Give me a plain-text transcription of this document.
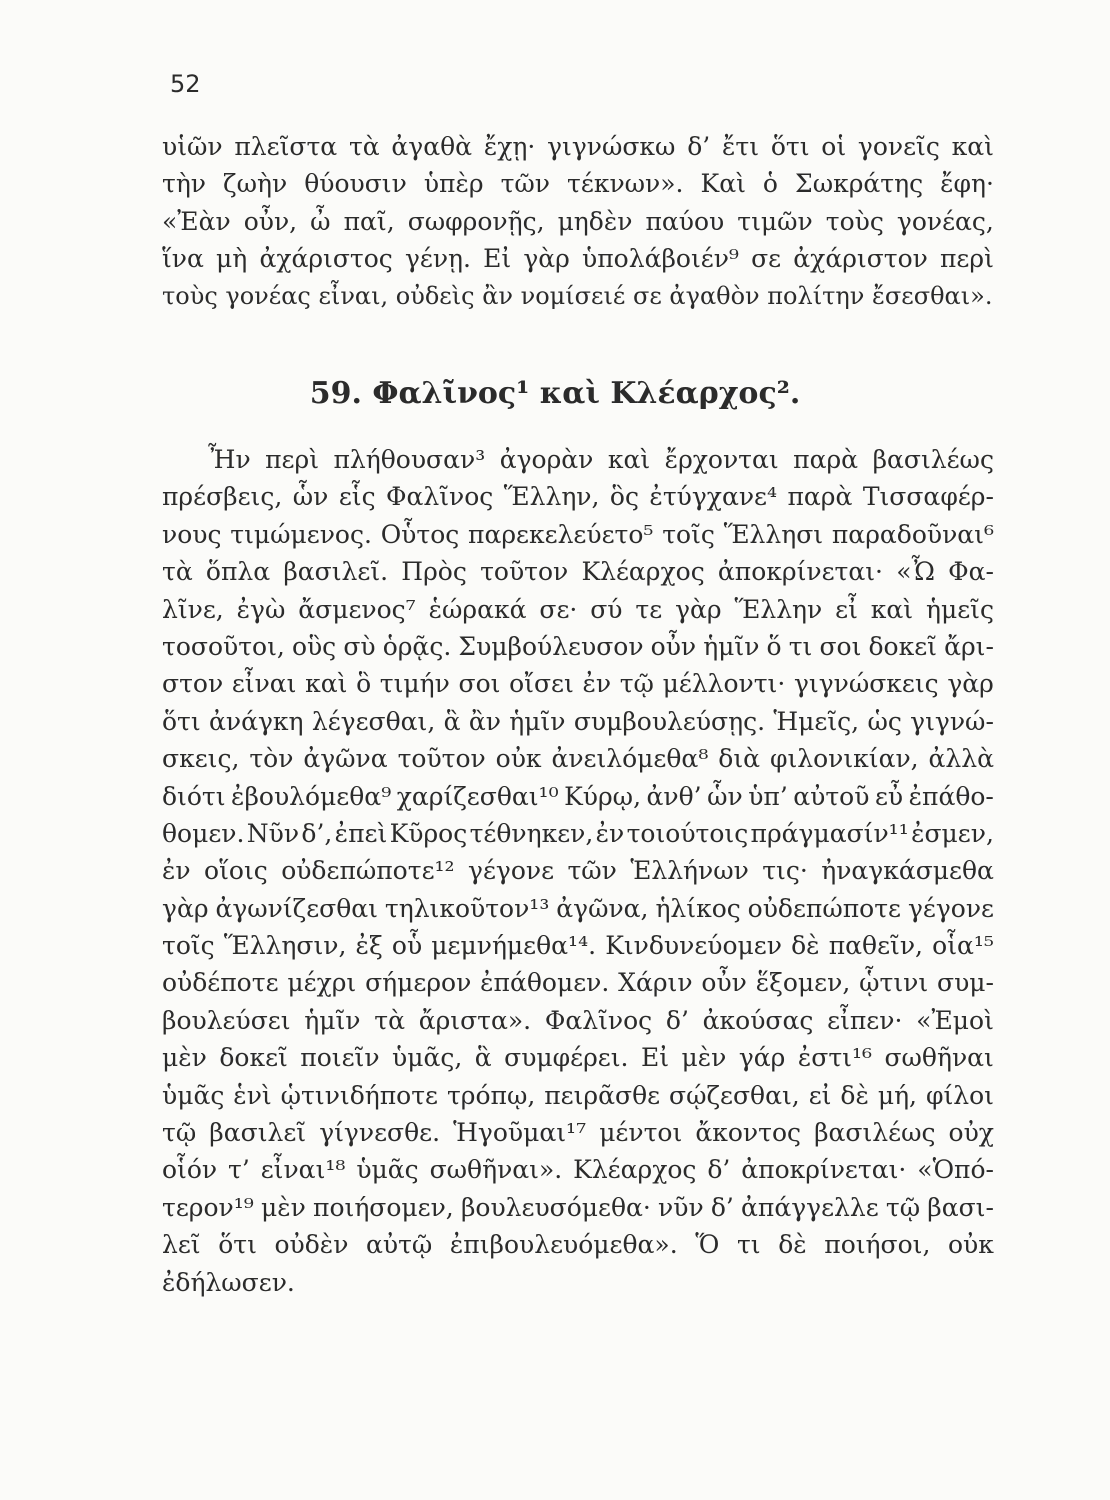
52
υἱῶν πλεῖστα τὰ ἀγαθὰ ἔχῃ· γιγνώσκω δ’ ἔτι ὅτι οἱ γονεῖς καὶ
τὴν ζωὴν θύουσιν ὑπὲρ τῶν τέκνων». Καὶ ὁ Σωκράτης ἔφη·
«Ἐὰν οὖν, ὦ παῖ, σωφρονῇς, μηδὲν παύου τιμῶν τοὺς γονέας,
ἵνα μὴ ἀχάριστος γένῃ. Εἰ γὰρ ὑπολάβοιέν⁹ σε ἀχάριστον περὶ
τοὺς γονέας εἶναι, οὐδεὶς ἂν νομίσειέ σε ἀγαθὸν πολίτην ἔσεσθαι».
59. Φαλῖνος¹ καὶ Κλέαρχος².
Ἦν περὶ πλήθουσαν³ ἀγορὰν καὶ ἔρχονται παρὰ βασιλέως
πρέσβεις, ὧν εἷς Φαλῖνος Ἕλλην, ὃς ἐτύγχανε⁴ παρὰ Τισσαφέρ-
νους τιμώμενος. Οὗτος παρεκελεύετο⁵ τοῖς Ἕλλησι παραδοῦναι⁶
τὰ ὅπλα βασιλεῖ. Πρὸς τοῦτον Κλέαρχος ἀποκρίνεται· «Ὦ Φα-
λῖνε, ἐγὼ ἄσμενος⁷ ἑώρακά σε· σύ τε γὰρ Ἕλλην εἶ καὶ ἡμεῖς
τοσοῦτοι, οὓς σὺ ὁρᾷς. Συμβούλευσον οὖν ἡμῖν ὅ τι σοι δοκεῖ ἄρι-
στον εἶναι καὶ ὃ τιμήν σοι οἴσει ἐν τῷ μέλλοντι· γιγνώσκεις γὰρ
ὅτι ἀνάγκη λέγεσθαι, ἃ ἂν ἡμῖν συμβουλεύσῃς. Ἡμεῖς, ὡς γιγνώ-
σκεις, τὸν ἀγῶνα τοῦτον οὐκ ἀνειλόμεθα⁸ διὰ φιλονικίαν, ἀλλὰ
διότι ἐβουλόμεθα⁹ χαρίζεσθαι¹⁰ Κύρῳ, ἀνθ’ ὧν ὑπ’ αὐτοῦ εὖ ἐπάθο-
θομεν. Νῦν δ’, ἐπεὶ Κῦρος τέθνηκεν, ἐν τοιούτοις πράγμασίν¹¹ ἐσμεν,
ἐν οἵοις οὐδεπώποτε¹² γέγονε τῶν Ἑλλήνων τις· ἠναγκάσμεθα
γὰρ ἀγωνίζεσθαι τηλικοῦτον¹³ ἀγῶνα, ἡλίκος οὐδεπώποτε γέγονε
τοῖς Ἕλλησιν, ἐξ οὗ μεμνήμεθα¹⁴. Κινδυνεύομεν δὲ παθεῖν, οἷα¹⁵
οὐδέποτε μέχρι σήμερον ἐπάθομεν. Χάριν οὖν ἕξομεν, ᾧτινι συμ-
βουλεύσει ἡμῖν τὰ ἄριστα». Φαλῖνος δ’ ἀκούσας εἶπεν· «Ἐμοὶ
μὲν δοκεῖ ποιεῖν ὑμᾶς, ἃ συμφέρει. Εἰ μὲν γάρ ἐστι¹⁶ σωθῆναι
ὑμᾶς ἑνὶ ᾡτινιδήποτε τρόπῳ, πειρᾶσθε σῴζεσθαι, εἰ δὲ μή, φίλοι
τῷ βασιλεῖ γίγνεσθε. Ἡγοῦμαι¹⁷ μέντοι ἄκοντος βασιλέως οὐχ
οἷόν τ’ εἶναι¹⁸ ὑμᾶς σωθῆναι». Κλέαρχος δ’ ἀποκρίνεται· «Ὁπό-
τερον¹⁹ μὲν ποιήσομεν, βουλευσόμεθα· νῦν δ’ ἀπάγγελλε τῷ βασι-
λεῖ ὅτι οὐδὲν αὐτῷ ἐπιβουλευόμεθα». Ὅ τι δὲ ποιήσοι, οὐκ
ἐδήλωσεν.
